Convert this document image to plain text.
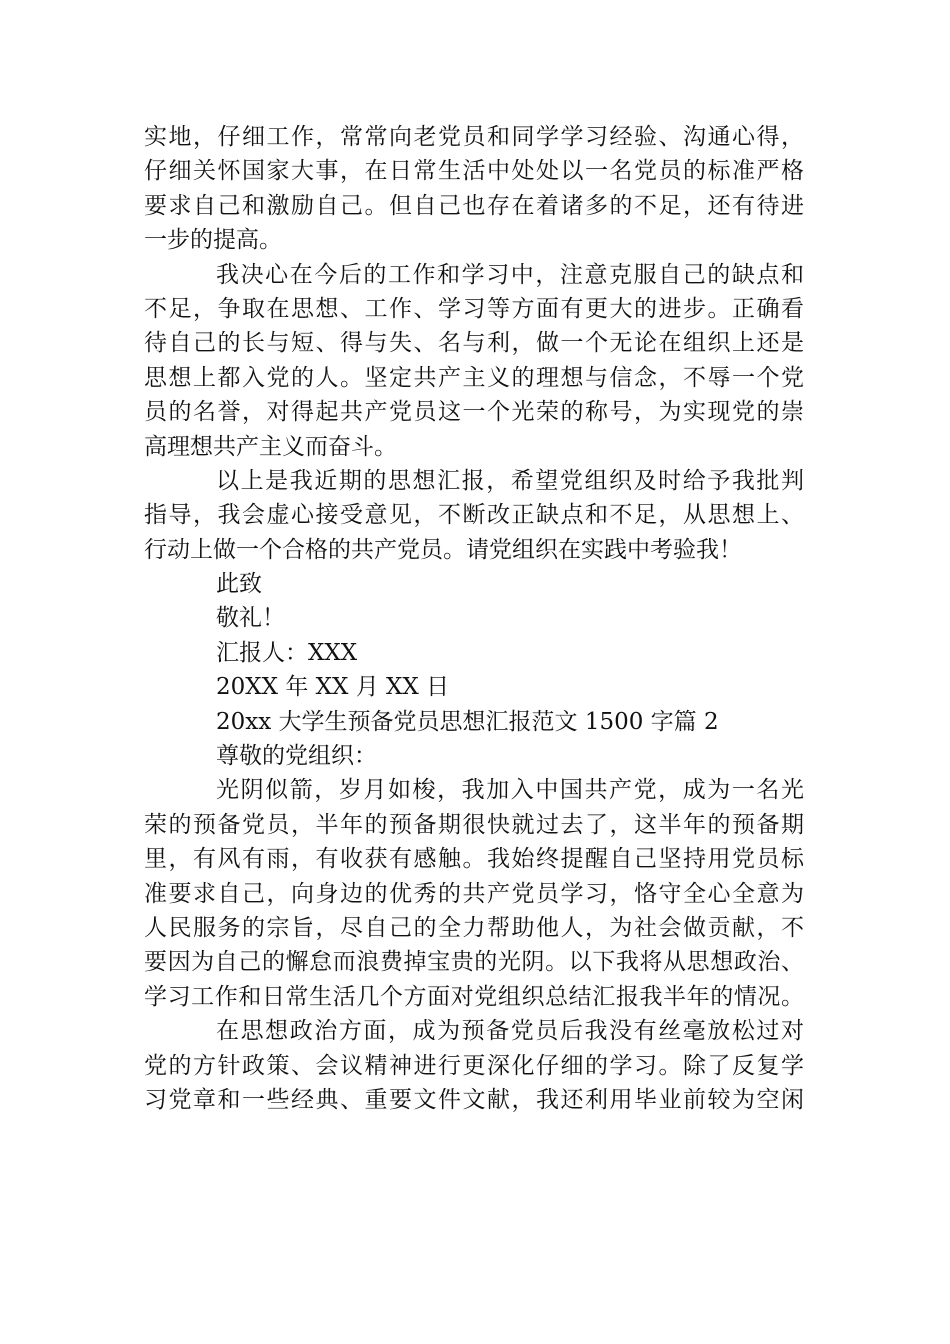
实地，仔细工作，常常向老党员和同学学习经验、沟通心得，
仔细关怀国家大事，在日常生活中处处以一名党员的标准严格
要求自己和激励自己。但自己也存在着诸多的不足，还有待进
一步的提高。
我决心在今后的工作和学习中，注意克服自己的缺点和
不足，争取在思想、工作、学习等方面有更大的进步。正确看
待自己的长与短、得与失、名与利，做一个无论在组织上还是
思想上都入党的人。坚定共产主义的理想与信念，不辱一个党
员的名誉，对得起共产党员这一个光荣的称号，为实现党的崇
高理想共产主义而奋斗。
以上是我近期的思想汇报，希望党组织及时给予我批判
指导，我会虚心接受意见，不断改正缺点和不足，从思想上、
行动上做一个合格的共产党员。请党组织在实践中考验我！
此致
敬礼！
汇报人：XXX
20XX 年 XX 月 XX 日
20xx 大学生预备党员思想汇报范文 1500 字篇 2
尊敬的党组织：
光阴似箭，岁月如梭，我加入中国共产党，成为一名光
荣的预备党员，半年的预备期很快就过去了，这半年的预备期
里，有风有雨，有收获有感触。我始终提醒自己坚持用党员标
准要求自己，向身边的优秀的共产党员学习，恪守全心全意为
人民服务的宗旨，尽自己的全力帮助他人，为社会做贡献，不
要因为自己的懈怠而浪费掉宝贵的光阴。以下我将从思想政治、
学习工作和日常生活几个方面对党组织总结汇报我半年的情况。
在思想政治方面，成为预备党员后我没有丝毫放松过对
党的方针政策、会议精神进行更深化仔细的学习。除了反复学
习党章和一些经典、重要文件文献，我还利用毕业前较为空闲
